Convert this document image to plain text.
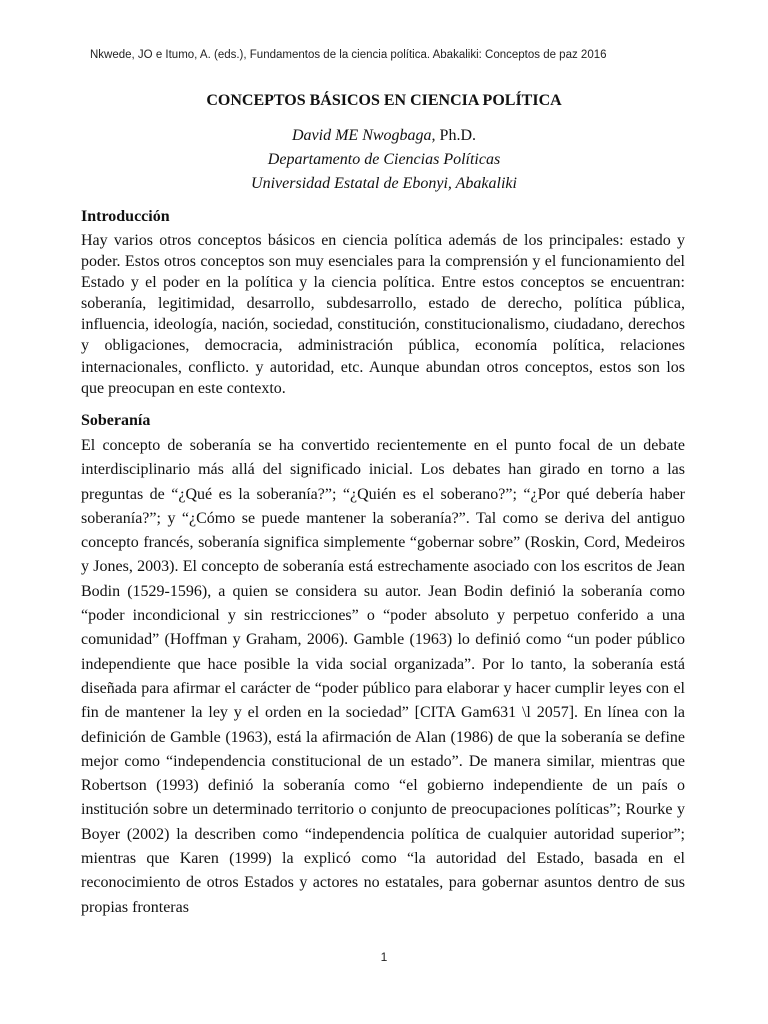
Nkwede, JO e Itumo, A. (eds.), Fundamentos de la ciencia política. Abakaliki: Conceptos de paz 2016
CONCEPTOS BÁSICOS EN CIENCIA POLÍTICA
David ME Nwogbaga, Ph.D.
Departamento de Ciencias Políticas
Universidad Estatal de Ebonyi, Abakaliki
Introducción

Hay varios otros conceptos básicos en ciencia política además de los principales: estado y poder. Estos otros conceptos son muy esenciales para la comprensión y el funcionamiento del Estado y el poder en la política y la ciencia política. Entre estos conceptos se encuentran: soberanía, legitimidad, desarrollo, subdesarrollo, estado de derecho, política pública, influencia, ideología, nación, sociedad, constitución, constitucionalismo, ciudadano, derechos y obligaciones, democracia, administración pública, economía política, relaciones internacionales, conflicto. y autoridad, etc. Aunque abundan otros conceptos, estos son los que preocupan en este contexto.

Soberanía

El concepto de soberanía se ha convertido recientemente en el punto focal de un debate interdisciplinario más allá del significado inicial. Los debates han girado en torno a las preguntas de “¿Qué es la soberanía?”; “¿Quién es el soberano?”; “¿Por qué debería haber soberanía?”; y “¿Cómo se puede mantener la soberanía?”. Tal como se deriva del antiguo concepto francés, soberanía significa simplemente “gobernar sobre” (Roskin, Cord, Medeiros y Jones, 2003). El concepto de soberanía está estrechamente asociado con los escritos de Jean Bodin (1529-1596), a quien se considera su autor. Jean Bodin definió la soberanía como “poder incondicional y sin restricciones” o “poder absoluto y perpetuo conferido a una comunidad” (Hoffman y Graham, 2006). Gamble (1963) lo definió como “un poder público independiente que hace posible la vida social organizada”. Por lo tanto, la soberanía está diseñada para afirmar el carácter de “poder público para elaborar y hacer cumplir leyes con el fin de mantener la ley y el orden en la sociedad” [CITA Gam631 \l 2057]. En línea con la definición de Gamble (1963), está la afirmación de Alan (1986) de que la soberanía se define mejor como “independencia constitucional de un estado”. De manera similar, mientras que Robertson (1993) definió la soberanía como “el gobierno independiente de un país o institución sobre un determinado territorio o conjunto de preocupaciones políticas”; Rourke y Boyer (2002) la describen como “independencia política de cualquier autoridad superior”; mientras que Karen (1999) la explicó como “la autoridad del Estado, basada en el reconocimiento de otros Estados y actores no estatales, para gobernar asuntos dentro de sus propias fronteras

1
